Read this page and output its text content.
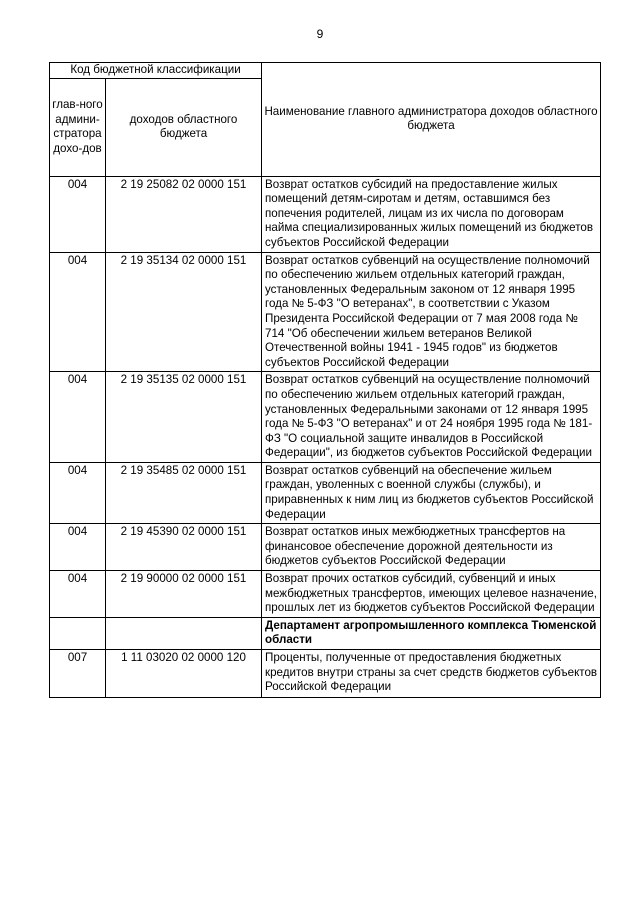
9
Код бюджетной классификации		Наименование главного администратора доходов областного бюджета
глав-ного админи-стратора дохо-дов	доходов областного бюджета	
004	2 19 25082 02 0000 151	Возврат остатков субсидий на предоставление жилых помещений детям-сиротам и детям, оставшимся без попечения родителей, лицам из их числа по договорам найма специализированных жилых помещений из бюджетов субъектов Российской Федерации
004	2 19 35134 02 0000 151	Возврат остатков субвенций на осуществление полномочий по обеспечению жильем отдельных категорий граждан, установленных Федеральным законом от 12 января 1995 года № 5-ФЗ "О ветеранах", в соответствии с Указом Президента Российской Федерации от 7 мая 2008 года № 714 "Об обеспечении жильем ветеранов Великой Отечественной войны 1941 - 1945 годов" из бюджетов субъектов Российской Федерации
004	2 19 35135 02 0000 151	Возврат остатков субвенций на осуществление полномочий по обеспечению жильем отдельных категорий граждан, установленных Федеральными законами от 12 января 1995 года № 5-ФЗ "О ветеранах" и от 24 ноября 1995 года № 181-ФЗ "О социальной защите инвалидов в Российской Федерации", из бюджетов субъектов Российской Федерации
004	2 19 35485 02 0000 151	Возврат остатков субвенций на обеспечение жильем граждан, уволенных с военной службы (службы), и приравненных к ним лиц из бюджетов субъектов Российской Федерации
004	2 19 45390 02 0000 151	Возврат остатков иных межбюджетных трансфертов на финансовое обеспечение дорожной деятельности из бюджетов субъектов Российской Федерации
004	2 19 90000 02 0000 151	Возврат прочих остатков субсидий, субвенций и иных межбюджетных трансфертов, имеющих целевое назначение, прошлых лет из бюджетов субъектов Российской Федерации
		Департамент агропромышленного комплекса Тюменской области
007	1 11 03020 02 0000 120	Проценты, полученные от предоставления бюджетных кредитов внутри страны за счет средств бюджетов субъектов Российской Федерации
